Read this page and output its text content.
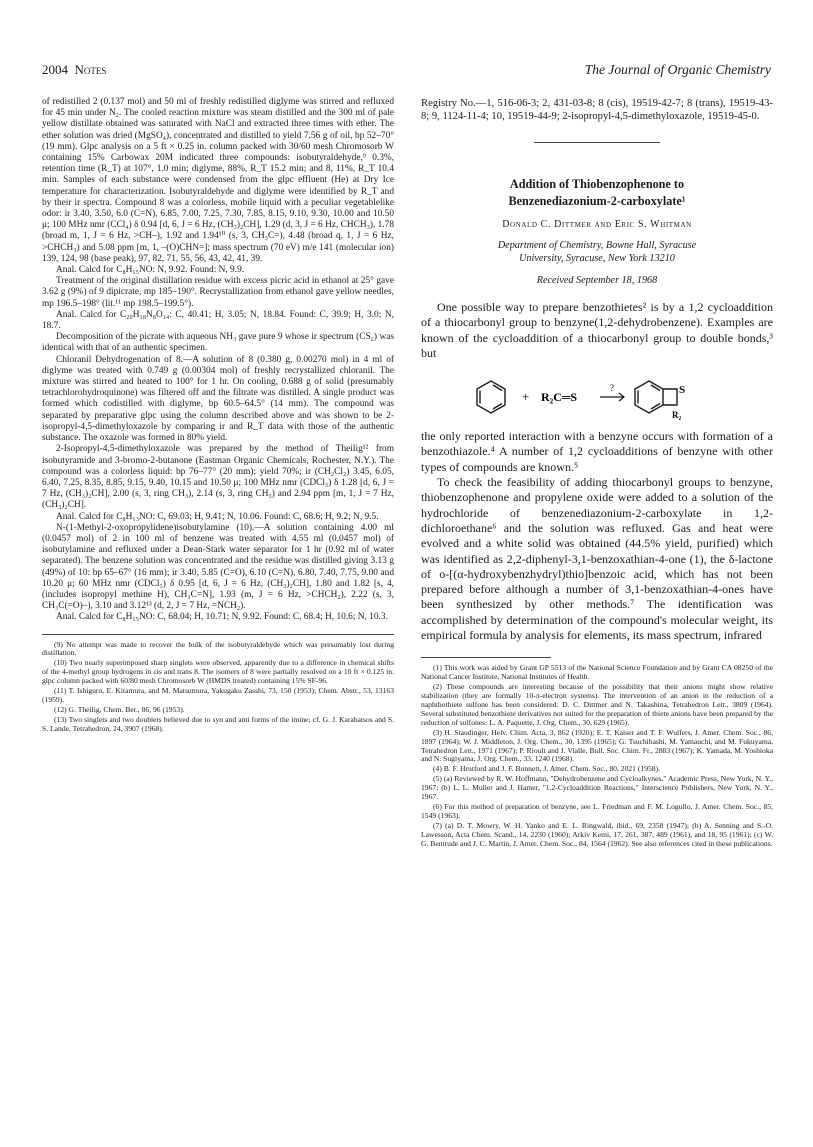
2004 Notes	The Journal of Organic Chemistry

of redistilled 2 (0.137 mol) and 50 ml of freshly redistilled diglyme was stirred and refluxed for 45 min under N₂. The cooled reaction mixture was steam distilled and the 300 ml of pale yellow distillate obtained was saturated with NaCl and extracted three times with ether. The ether solution was dried (MgSO₄), concentrated and distilled to yield 7.56 g of oil, bp 52–70° (19 mm). Glpc analysis on a 5 ft × 0.25 in. column packed with 30/60 mesh Chromosorb W containing 15% Carbowax 20M indicated three compounds: isobutyraldehyde,⁹ 0.3%, retention time (R_T) at 107°, 1.0 min; diglyme, 88%, R_T 15.2 min; and 8, 11%, R_T 10.4 min. Samples of each substance were condensed from the glpc effluent (He) at Dry Ice temperature for characterization. Isobutyraldehyde and diglyme were identified by R_T and by their ir spectra. Compound 8 was a colorless, mobile liquid with a peculiar vegetablelike odor: ir 3.40, 3.50, 6.0 (C=N), 6.85, 7.00, 7.25, 7.30, 7.85, 8.15, 9.10, 9.30, 10.00 and 10.50 μ; 100 MHz nmr (CCl₄) δ 0.94 [d, 6, J = 6 Hz, (CH₃)₂CH], 1.29 (d, 3, J = 6 Hz, CHCH₃), 1.78 (broad m, 1, J = 6 Hz, >CH–), 1.92 and 1.94¹⁰ (s, 3, CH₃C=), 4.48 (broad q, 1, J = 6 Hz, >CHCH₃) and 5.08 ppm [m, 1, –(O)CHN=]; mass spectrum (70 eV) m/e 141 (molecular ion) 139, 124, 98 (base peak), 97, 82, 71, 55, 56, 43, 42, 41, 39.

Anal. Calcd for C₈H₁₅NO: N, 9.92. Found: N, 9.9.

Treatment of the original distillation residue with excess picric acid in ethanol at 25° gave 3.62 g (9%) of 9 dipicrate, mp 185–190°. Recrystallization from ethanol gave yellow needles, mp 196.5–198° (lit.¹¹ mp 198.5–199.5°).

Anal. Calcd for C₂₀H₁₈N₈O₁₄: C, 40.41; H, 3.05; N, 18.84. Found: C, 39.9; H, 3.0; N, 18.7.

Decomposition of the picrate with aqueous NH₃ gave pure 9 whose ir spectrum (CS₂) was identical with that of an authentic specimen.

Chloranil Dehydrogenation of 8.—A solution of 8 (0.380 g, 0.00270 mol) in 4 ml of diglyme was treated with 0.749 g (0.00304 mol) of freshly recrystallized chloranil. The mixture was stirred and heated to 100° for 1 hr. On cooling, 0.688 g of solid (presumably tetrachlorohydroquinone) was filtered off and the filtrate was distilled. A single product was formed which codistilled with diglyme, bp 60.5–64.5° (14 mm). The compound was separated by preparative glpc using the column described above and was shown to be 2-isopropyl-4,5-dimethyloxazole by comparing ir and R_T data with those of the authentic substance. The oxazole was formed in 80% yield.

2-Isopropyl-4,5-dimethyloxazole was prepared by the method of Theilig¹² from isobutyramide and 3-bromo-2-butanone (Eastman Organic Chemicals, Rochester, N.Y.). The compound was a colorless liquid: bp 76–77° (20 mm); yield 70%; ir (CH₂Cl₂) 3.45, 6.05, 6.40, 7.25, 8.35, 8.85, 9.15, 9.40, 10.15 and 10.50 μ; 100 MHz nmr (CDCl₃) δ 1.28 [d, 6, J = 7 Hz, (CH₃)₂CH], 2.00 (s, 3, ring CH₃), 2.14 (s, 3, ring CH₃) and 2.94 ppm [m, 1, J = 7 Hz, (CH₃)₂CH].

Anal. Calcd for C₈H₁₃NO: C, 69.03; H, 9.41; N, 10.06. Found: C, 68.6; H, 9.2; N, 9.5.

N-(1-Methyl-2-oxopropylidene)isobutylamine (10).—A solution containing 4.00 ml (0.0457 mol) of 2 in 100 ml of benzene was treated with 4.55 ml (0.0457 mol) of isobutylamine and refluxed under a Dean-Stark water separator for 1 hr (0.92 ml of water separated). The benzene solution was concentrated and the residue was distilled giving 3.13 g (49%) of 10: bp 65–67° (16 mm); ir 3.40, 5.85 (C=O), 6.10 (C=N), 6.80, 7.40, 7.75, 9.00 and 10.20 μ; 60 MHz nmr (CDCl₃) δ 0.95 [d, 6, J = 6 Hz, (CH₃)₂CH], 1.80 and 1.82 [s, 4, (includes isopropyl methine H), CH₃C=N], 1.93 (m, J = 6 Hz, >CHCH₂), 2.22 (s, 3, CH₃C(=O)–), 3.10 and 3.12¹³ (d, 2, J = 7 Hz, =NCH₂).

Anal. Calcd for C₈H₁₅NO: C, 68.04; H, 10.71; N, 9.92. Found: C, 68.4; H, 10.6; N, 10.3.

(9) No attempt was made to recover the bulk of the isobutyraldehyde which was presumably lost during distillation.

(10) Two nearly superimposed sharp singlets were observed, apparently due to a difference in chemical shifts of the 4-methyl group hydrogens in cis and trans 8. The isomers of 8 were partially resolved on a 10 ft × 0.125 in. glpc column packed with 60/80 mesh Chromosorb W (HMDS treated) containing 15% SF-96.

(11) T. Ishiguro, E. Kitamura, and M. Matsumura, Yakugaku Zasshi, 73, 150 (1953); Chem. Abstr., 53, 13163 (1959).

(12) G. Theilig, Chem. Ber., 86, 96 (1953).

(13) Two singlets and two doublets believed due to syn and anti forms of the imine; cf. G. J. Karabatsos and S. S. Lande, Tetrahedron, 24, 3907 (1968).

Registry No.—1, 516-06-3; 2, 431-03-8; 8 (cis), 19519-42-7; 8 (trans), 19519-43-8; 9, 1124-11-4; 10, 19519-44-9; 2-isopropyl-4,5-dimethyloxazole, 19519-45-0.

Addition of Thiobenzophenone to
Benzenediazonium-2-carboxylate¹
Donald C. Dittmer and Eric S. Whitman
Department of Chemistry, Bowne Hall, Syracuse
University, Syracuse, New York 13210
Received September 18, 1968

One possible way to prepare benzothietes² is by a 1,2 cycloaddition of a thiocarbonyl group to benzyne(1,2-dehydrobenzene). Examples are known of the cycloaddition of a thiocarbonyl group to double bonds,³ but

+ R₂C═S
?	S
R₂

the only reported interaction with a benzyne occurs with formation of a benzothiazole.⁴ A number of 1,2 cycloadditions of benzyne with other types of compounds are known.⁵

To check the feasibility of adding thiocarbonyl groups to benzyne, thiobenzophenone and propylene oxide were added to a solution of the hydrochloride of benzenediazonium-2-carboxylate in 1,2-dichloroethane⁶ and the solution was refluxed. Gas and heat were evolved and a white solid was obtained (44.5% yield, purified) which was identified as 2,2-diphenyl-3,1-benzoxathian-4-one (1), the δ-lactone of o-[(α-hydroxybenzhydryl)thio]benzoic acid, which has not been prepared before although a number of 3,1-benzoxathian-4-ones have been synthesized by other methods.⁷ The identification was accomplished by determination of the compound's molecular weight, its empirical formula by analysis for elements, its mass spectrum, infrared

(1) This work was aided by Grant GP 5513 of the National Science Foundation and by Grant CA 08250 of the National Cancer Institute, National Institutes of Health.

(2) These compounds are interesting because of the possibility that their anions might show relative stabilization (they are formally 10-π-electron systems). The intervention of an anion in the reduction of a naphthothiete sulfone has been considered: D. C. Dittmer and N. Takashina, Tetrahedron Lett., 3809 (1964). Several substituted benzothiete derivatives not suited for the preparation of thiete anions have been prepared by the reduction of sulfones: L. A. Paquette, J. Org. Chem., 30, 629 (1965).

(3) H. Staudinger, Helv. Chim. Acta, 3, 862 (1920); E. T. Kaiser and T. F. Wulfers, J. Amer. Chem. Soc., 86, 1897 (1964); W. J. Middleton, J. Org. Chem., 30, 1395 (1965); G. Tsuchihashi, M. Yamauchi, and M. Fukuyama, Tetrahedron Lett., 1971 (1967); P. Rioult and J. Vialle, Bull. Soc. Chim. Fr., 2883 (1967); K. Yamada, M. Yoshioka and N. Sugiyama, J. Org. Chem., 33, 1240 (1968).

(4) B. F. Hrutford and J. F. Bunnett, J. Amer. Chem. Soc., 80, 2021 (1958).

(5) (a) Reviewed by R. W. Hoffmann, "Dehydrobenzene and Cycloalkynes," Academic Press, New York, N. Y., 1967; (b) L. L. Muller and J. Hamer, "1,2-Cycloaddition Reactions," Interscience Publishers, New York, N. Y., 1967.

(6) For this method of preparation of benzyne, see L. Friedman and F. M. Logullo, J. Amer. Chem. Soc., 85, 1549 (1963).

(7) (a) D. T. Mowry, W. H. Yanko and E. L. Ringwald, ibid., 69, 2358 (1947); (b) A. Senning and S.-O. Lawesson, Acta Chem. Scand., 14, 2230 (1960); Arkiv Kemi, 17, 261, 387, 489 (1961), and 18, 95 (1961); (c) W. G. Bentrude and J. C. Martin, J. Amer. Chem. Soc., 84, 1564 (1962). See also references cited in these publications.
